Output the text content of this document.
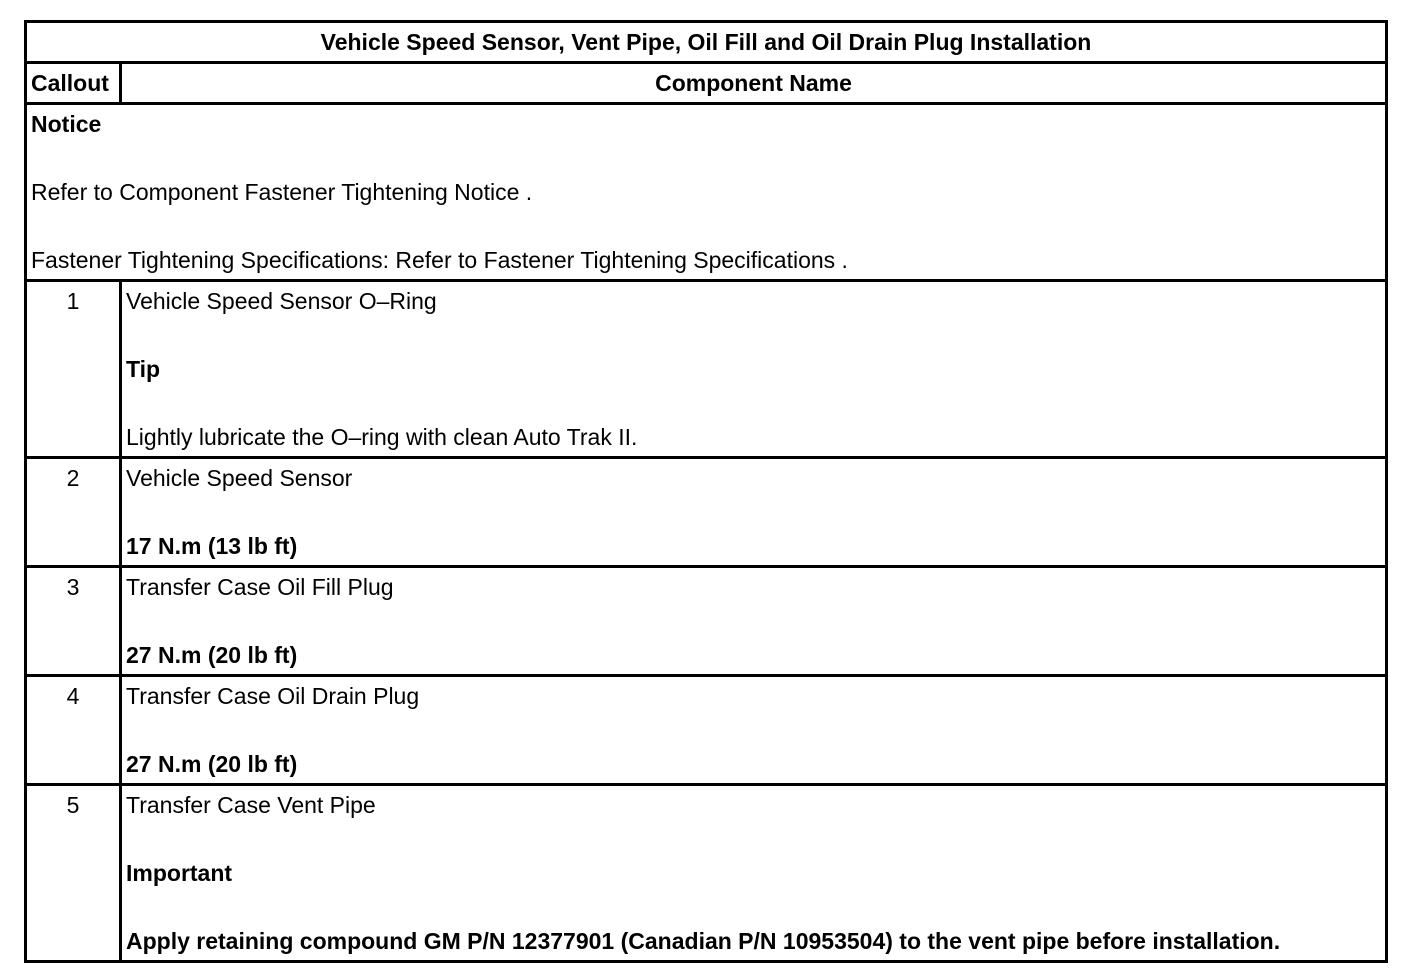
Vehicle Speed Sensor, Vent Pipe, Oil Fill and Oil Drain Plug Installation	
Callout	Component Name

Notice

Refer to Component Fastener Tightening Notice .

Fastener Tightening Specifications: Refer to Fastener Tightening Specifications .	

1	Vehicle Speed Sensor O–Ring

Tip

Lightly lubricate the O–ring with clean Auto Trak II.

2	Vehicle Speed Sensor

17 N.m (13 lb ft)

3	Transfer Case Oil Fill Plug

27 N.m (20 lb ft)

4	Transfer Case Oil Drain Plug

27 N.m (20 lb ft)

5	Transfer Case Vent Pipe

Important

Apply retaining compound GM P/N 12377901 (Canadian P/N 10953504) to the vent pipe before installation.
